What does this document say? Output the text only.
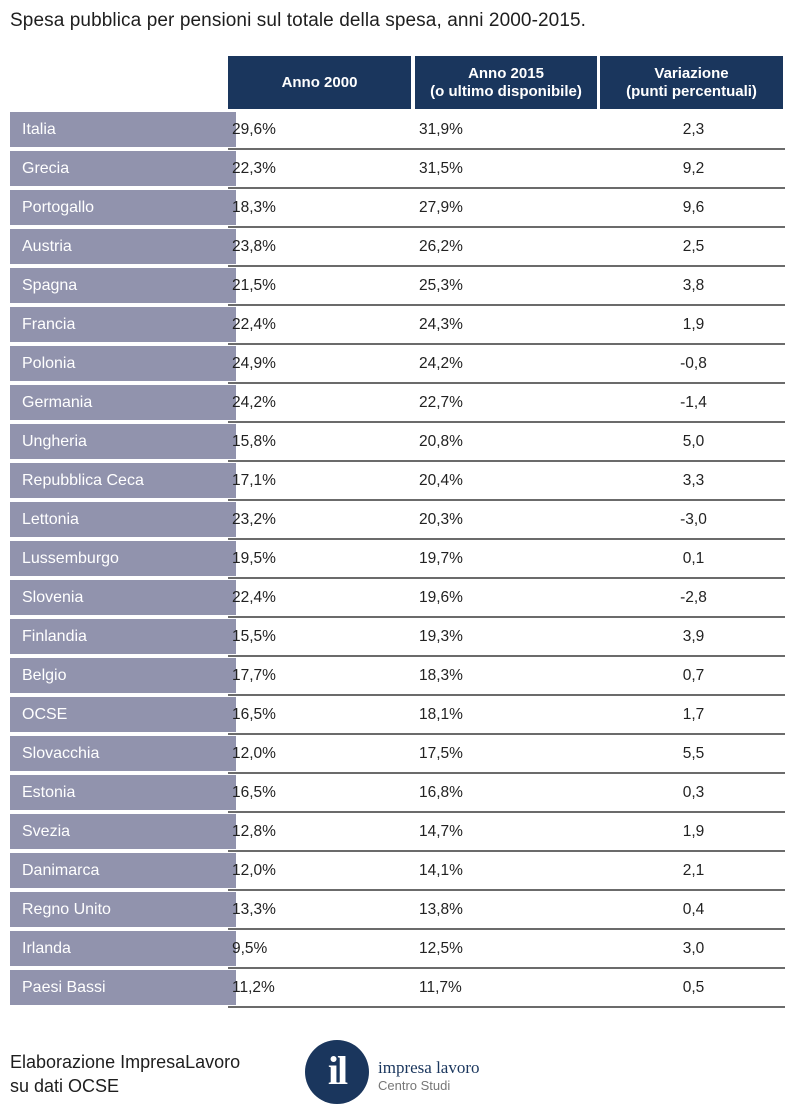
Spesa pubblica per pensioni sul totale della spesa, anni 2000-2015.
Anno 2000
Anno 2015
(o ultimo disponibile)
Variazione
(punti percentuali)
Italia	29,6%	31,9%	2,3
Grecia	22,3%	31,5%	9,2
Portogallo	18,3%	27,9%	9,6
Austria	23,8%	26,2%	2,5
Spagna	21,5%	25,3%	3,8
Francia	22,4%	24,3%	1,9
Polonia	24,9%	24,2%	-0,8
Germania	24,2%	22,7%	-1,4
Ungheria	15,8%	20,8%	5,0
Repubblica Ceca	17,1%	20,4%	3,3
Lettonia	23,2%	20,3%	-3,0
Lussemburgo	19,5%	19,7%	0,1
Slovenia	22,4%	19,6%	-2,8
Finlandia	15,5%	19,3%	3,9
Belgio	17,7%	18,3%	0,7
OCSE	16,5%	18,1%	1,7
Slovacchia	12,0%	17,5%	5,5
Estonia	16,5%	16,8%	0,3
Svezia	12,8%	14,7%	1,9
Danimarca	12,0%	14,1%	2,1
Regno Unito	13,3%	13,8%	0,4
Irlanda	9,5%	12,5%	3,0
Paesi Bassi	11,2%	11,7%	0,5
Elaborazione ImpresaLavoro
su dati OCSE	il	impresa lavoro
Centro Studi
